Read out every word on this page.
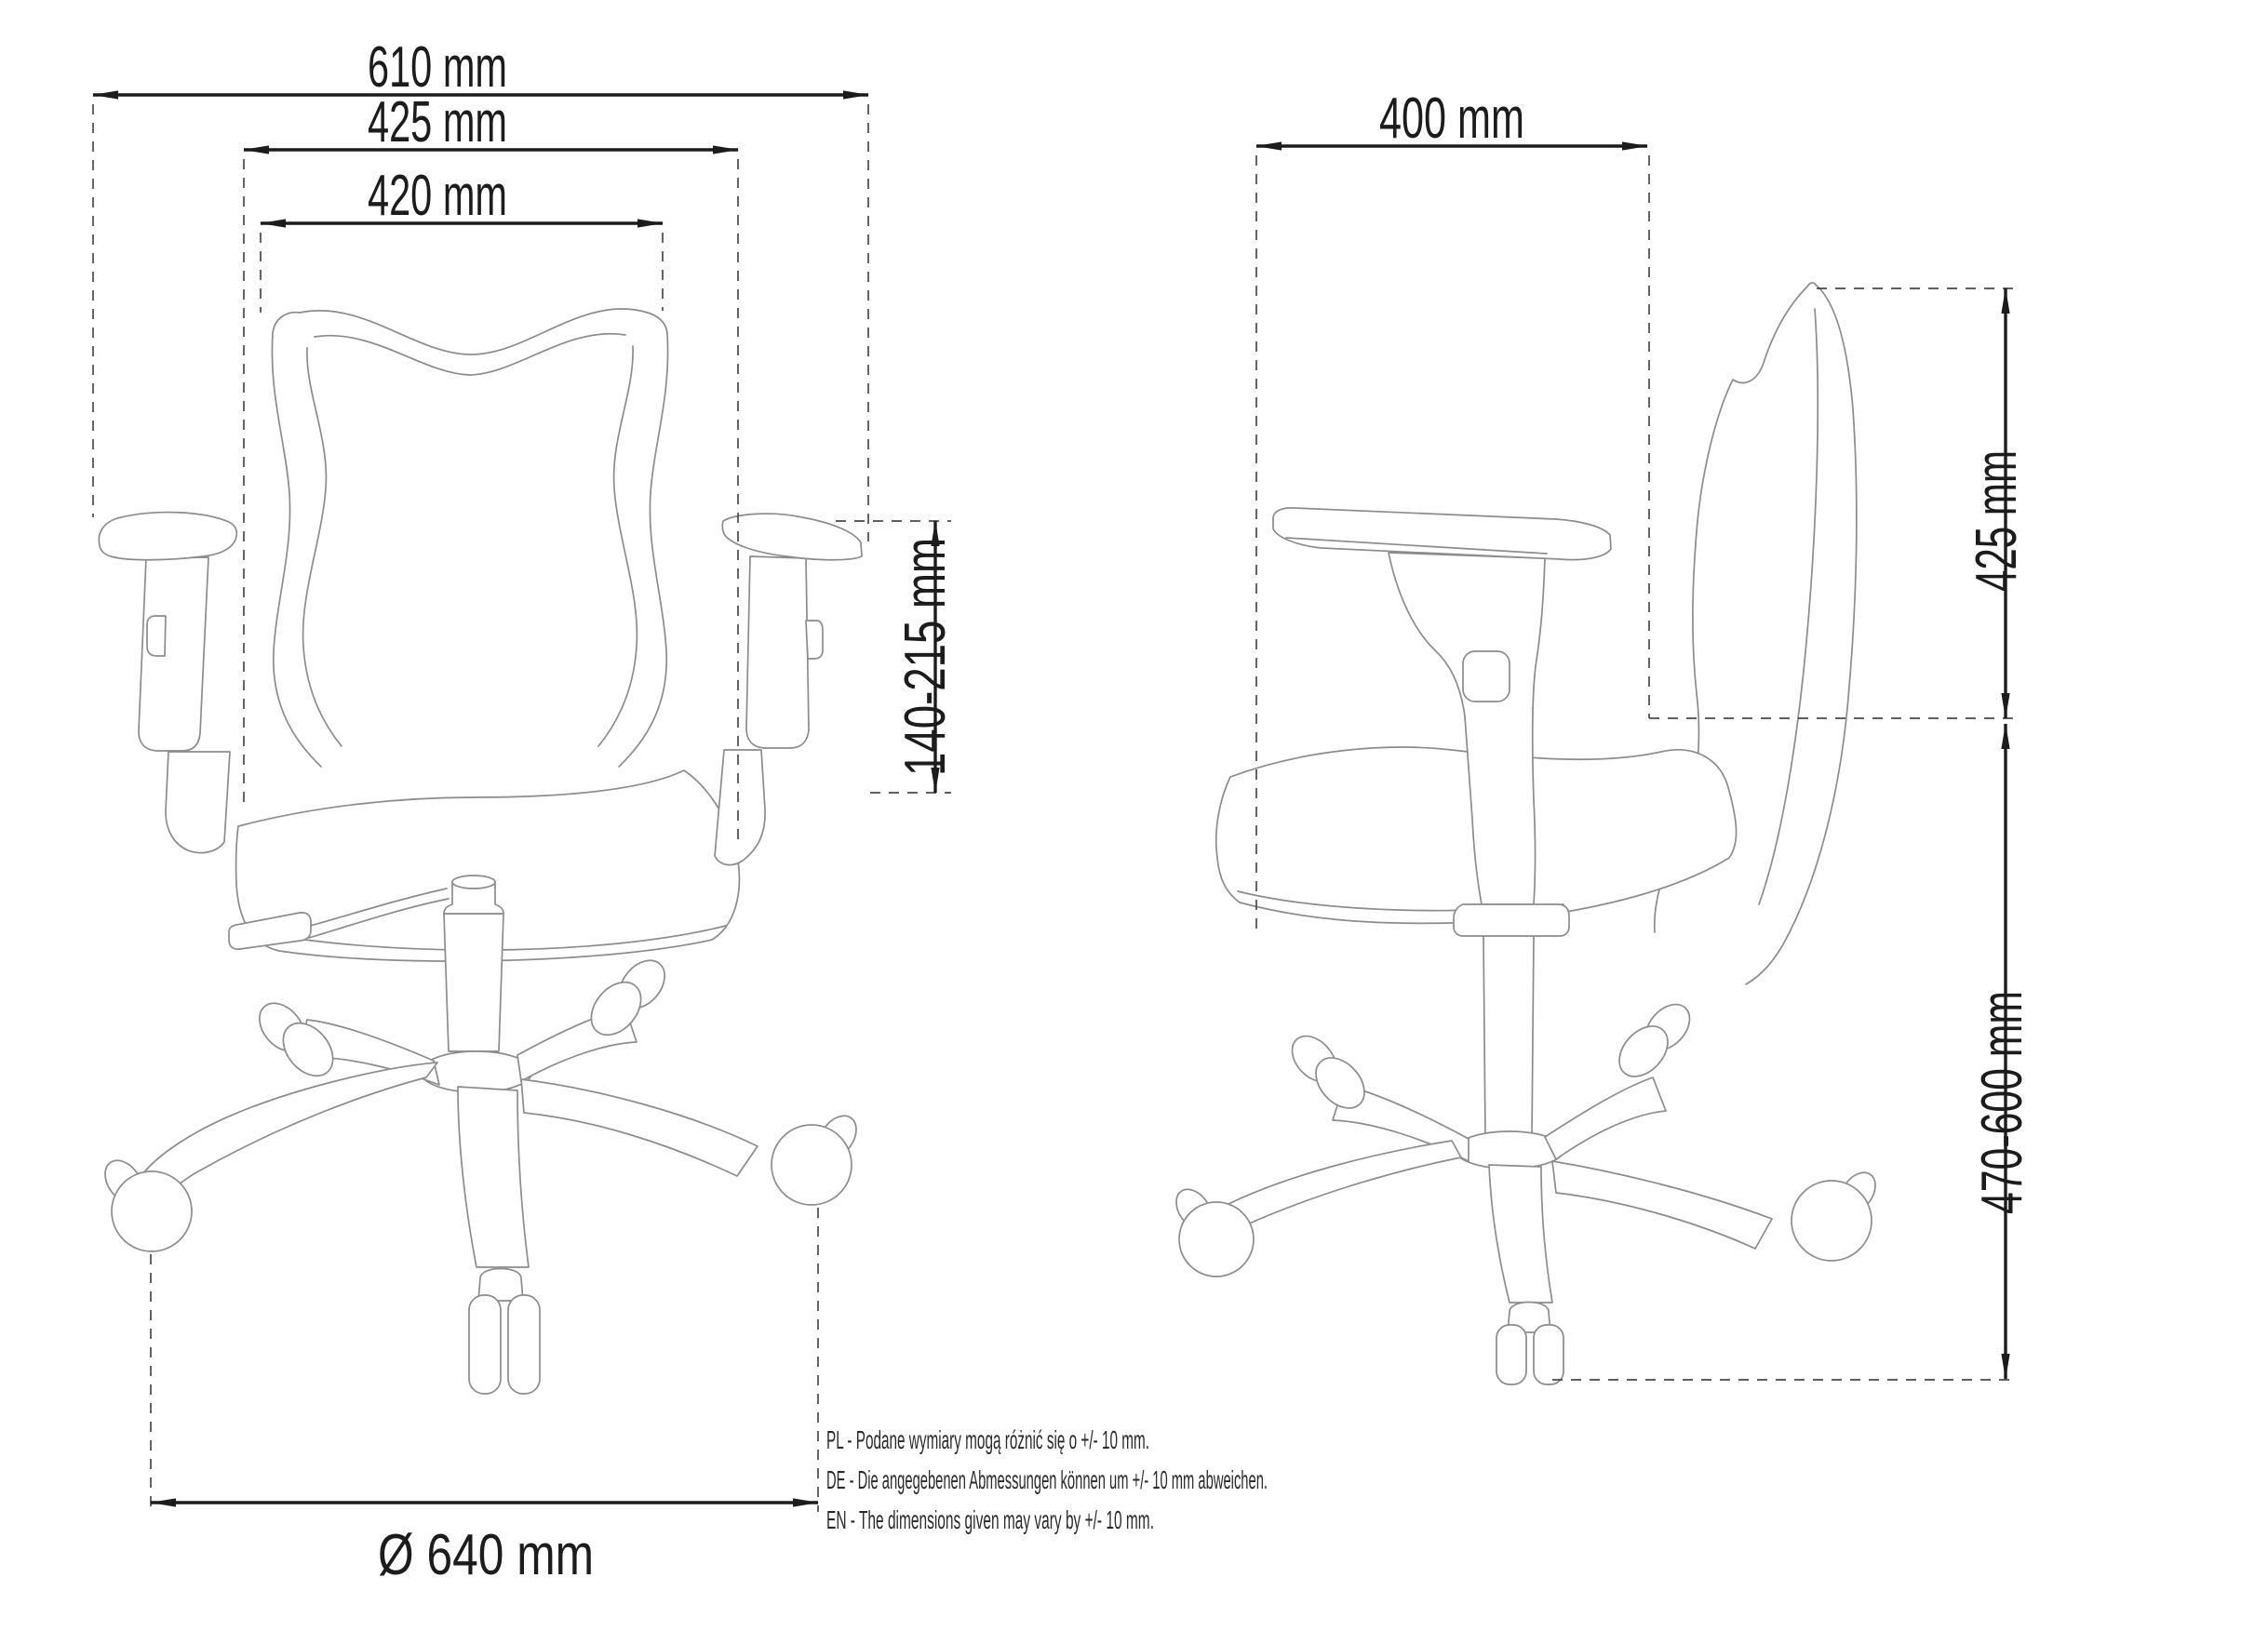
610 mm
425 mm
420 mm
140-215 mm
Ø 640 mm
400 mm
425 mm
470-600 mm
PL - Podane wymiary mogą różnić się o +/- 10 mm.
DE - Die angegebenen Abmessungen können um +/- 10 mm abweichen.
EN - The dimensions given may vary by +/- 10 mm.
